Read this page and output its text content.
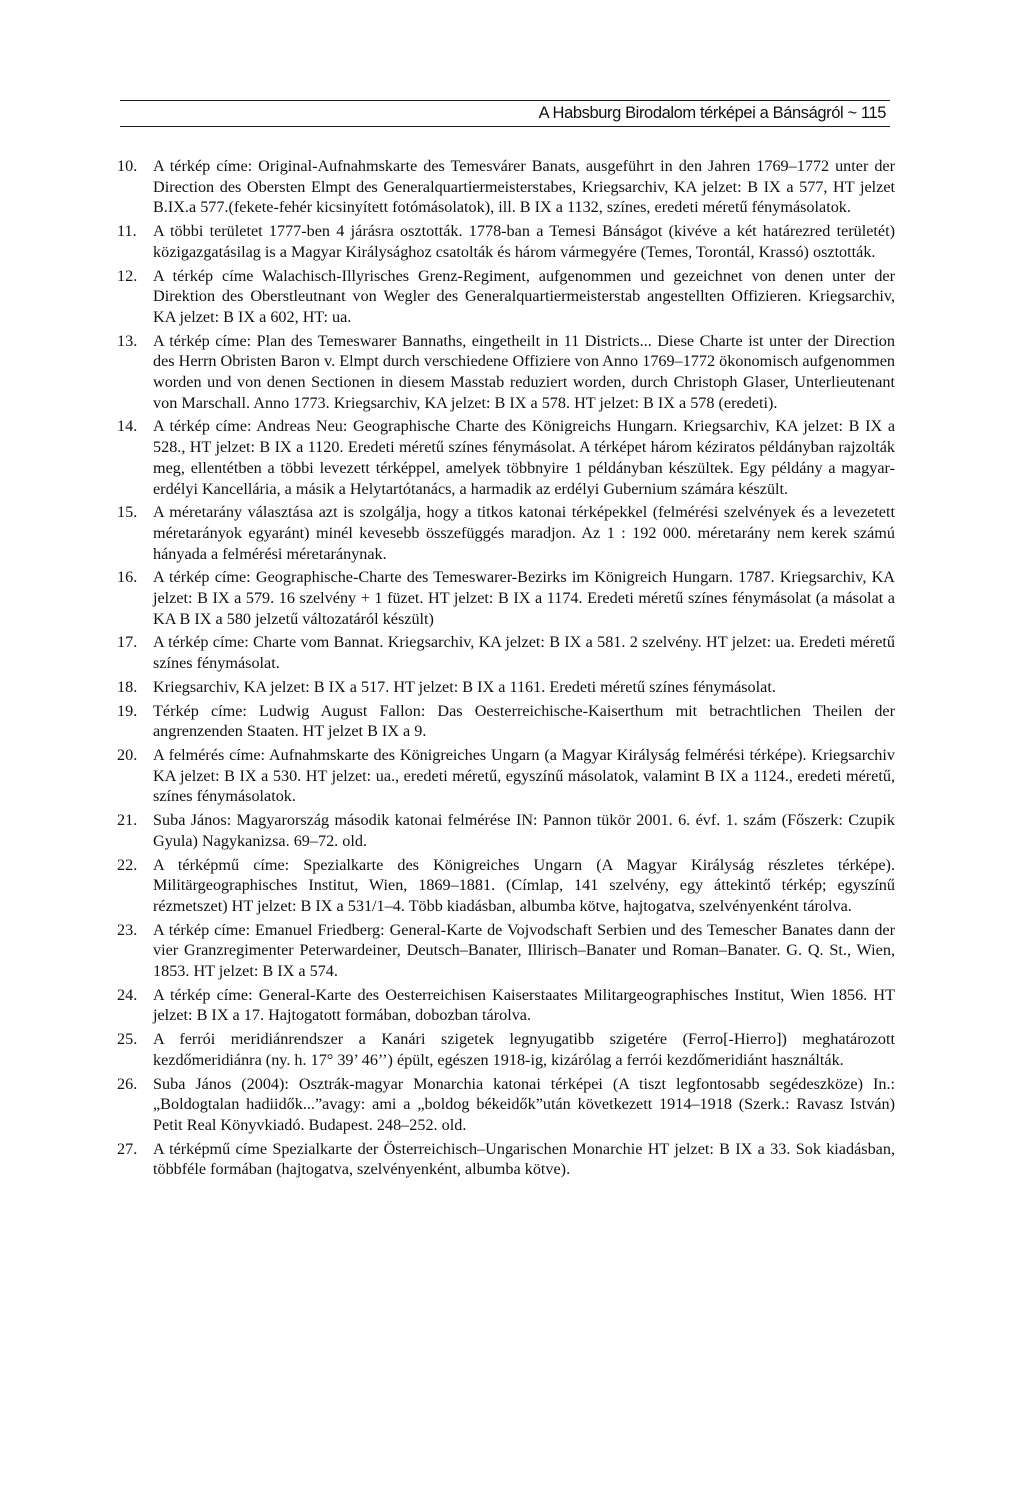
A Habsburg Birodalom térképei a Bánságról ~ 115
10. A térkép címe: Original-Aufnahmskarte des Temesvárer Banats, ausgeführt in den Jahren 1769–1772 unter der Direction des Obersten Elmpt des Generalquartiermeisterstabes, Kriegsarchiv, KA jelzet: B IX a 577, HT jelzet B.IX.a 577.(fekete-fehér kicsinyített fotómásolatok), ill. B IX a 1132, színes, eredeti méretű fénymásolatok.
11.	A többi területet 1777-ben 4 járásra osztották. 1778-ban a Temesi Bánságot (kivéve a két határezred területét) közigazgatásilag is a Magyar Királysághoz csatolták és három vármegyére (Temes, Torontál, Krassó) osztották.
12. A térkép címe Walachisch-Illyrisches Grenz-Regiment, aufgenommen und gezeichnet von denen unter der Direktion des Oberstleutnant von Wegler des Generalquartiermeisterstab angestellten Offizieren. Kriegsarchiv, KA jelzet: B IX a 602, HT: ua.
13. A térkép címe: Plan des Temeswarer Bannaths, eingetheilt in 11 Districts... Diese Charte ist unter der Direction des Herrn Obristen Baron v. Elmpt durch verschiedene Offiziere von Anno 1769–1772 ökonomisch aufgenommen worden und von denen Sectionen in diesem Masstab reduziert worden, durch Christoph Glaser, Unterlieutenant von Marschall. Anno 1773. Kriegsarchiv, KA jelzet: B IX a 578. HT jelzet: B IX a 578 (eredeti).
14. A térkép címe: Andreas Neu: Geographische Charte des Königreichs Hungarn. Kriegsarchiv, KA jelzet: B IX a 528., HT jelzet: B IX a 1120. Eredeti méretű színes fénymásolat. A térképet három kéziratos példányban rajzolták meg, ellentétben a többi levezett térképpel, amelyek többnyire 1 példányban készültek. Egy példány a magyar-erdélyi Kancellária, a másik a Helytartótanács, a harmadik az erdélyi Gubernium számára készült.
15. A méretarány választása azt is szolgálja, hogy a titkos katonai térképekkel (felmérési szelvények és a levezetett méretarányok egyaránt) minél kevesebb összefüggés maradjon. Az 1 : 192 000. méretarány nem kerek számú hányada a felmérési méretaránynak.
16. A térkép címe: Geographische-Charte des Temeswarer-Bezirks im Königreich Hungarn. 1787. Kriegsarchiv, KA jelzet: B IX a 579. 16 szelvény + 1 füzet. HT jelzet: B IX a 1174. Eredeti méretű színes fénymásolat (a másolat a KA B IX a 580 jelzetű változatáról készült)
17. A térkép címe: Charte vom Bannat. Kriegsarchiv, KA jelzet: B IX a 581. 2 szelvény. HT jelzet: ua. Eredeti méretű színes fénymásolat.
18. Kriegsarchiv, KA jelzet: B IX a 517. HT jelzet: B IX a 1161. Eredeti méretű színes fénymásolat.
19. Térkép címe: Ludwig August Fallon: Das Oesterreichische-Kaiserthum mit betrachtlichen Theilen der angrenzenden Staaten. HT jelzet B IX a 9.
20. A felmérés címe: Aufnahmskarte des Königreiches Ungarn (a Magyar Királyság felmérési térképe). Kriegsarchiv KA jelzet: B IX a 530. HT jelzet: ua., eredeti méretű, egyszínű másolatok, valamint B IX a 1124., eredeti méretű, színes fénymásolatok.
21. Suba János: Magyarország második katonai felmérése IN: Pannon tükör 2001. 6. évf. 1. szám (Főszerk: Czupik Gyula) Nagykanizsa. 69–72. old.
22. A térképmű címe: Spezialkarte des Königreiches Ungarn (A Magyar Királyság részletes térképe). Militärgeographisches Institut, Wien, 1869–1881. (Címlap, 141 szelvény, egy áttekintő térkép; egyszínű rézmetszet) HT jelzet: B IX a 531/1–4. Több kiadásban, albumba kötve, hajtogatva, szelvényenként tárolva.
23. A térkép címe: Emanuel Friedberg: General-Karte de Vojvodschaft Serbien und des Temescher Banates dann der vier Granzregimenter Peterwardeiner, Deutsch–Banater, Illirisch–Banater und Roman–Banater. G. Q. St., Wien, 1853. HT jelzet: B IX a 574.
24. A térkép címe: General-Karte des Oesterreichisen Kaiserstaates Militargeographisches Institut, Wien 1856. HT jelzet: B IX a 17. Hajtogatott formában, dobozban tárolva.
25. A ferrói meridiánrendszer a Kanári szigetek legnyugatibb szigetére (Ferro[-Hierro]) meghatározott kezdőmeridiánra (ny. h. 17° 39’ 46’’) épült, egészen 1918-ig, kizárólag a ferrói kezdőmeridiánt használták.
26. Suba János (2004): Osztrák-magyar Monarchia katonai térképei (A tiszt legfontosabb segédeszköze) In.:„Boldogtalan hadiidők...”avagy: ami a „boldog békeidők”után következett 1914–1918 (Szerk.: Ravasz István) Petit Real Könyvkiadó. Budapest. 248–252. old.
27. A térképmű címe Spezialkarte der Österreichisch–Ungarischen Monarchie HT jelzet: B IX a 33. Sok kiadásban, többféle formában (hajtogatva, szelvényenként, albumba kötve).
